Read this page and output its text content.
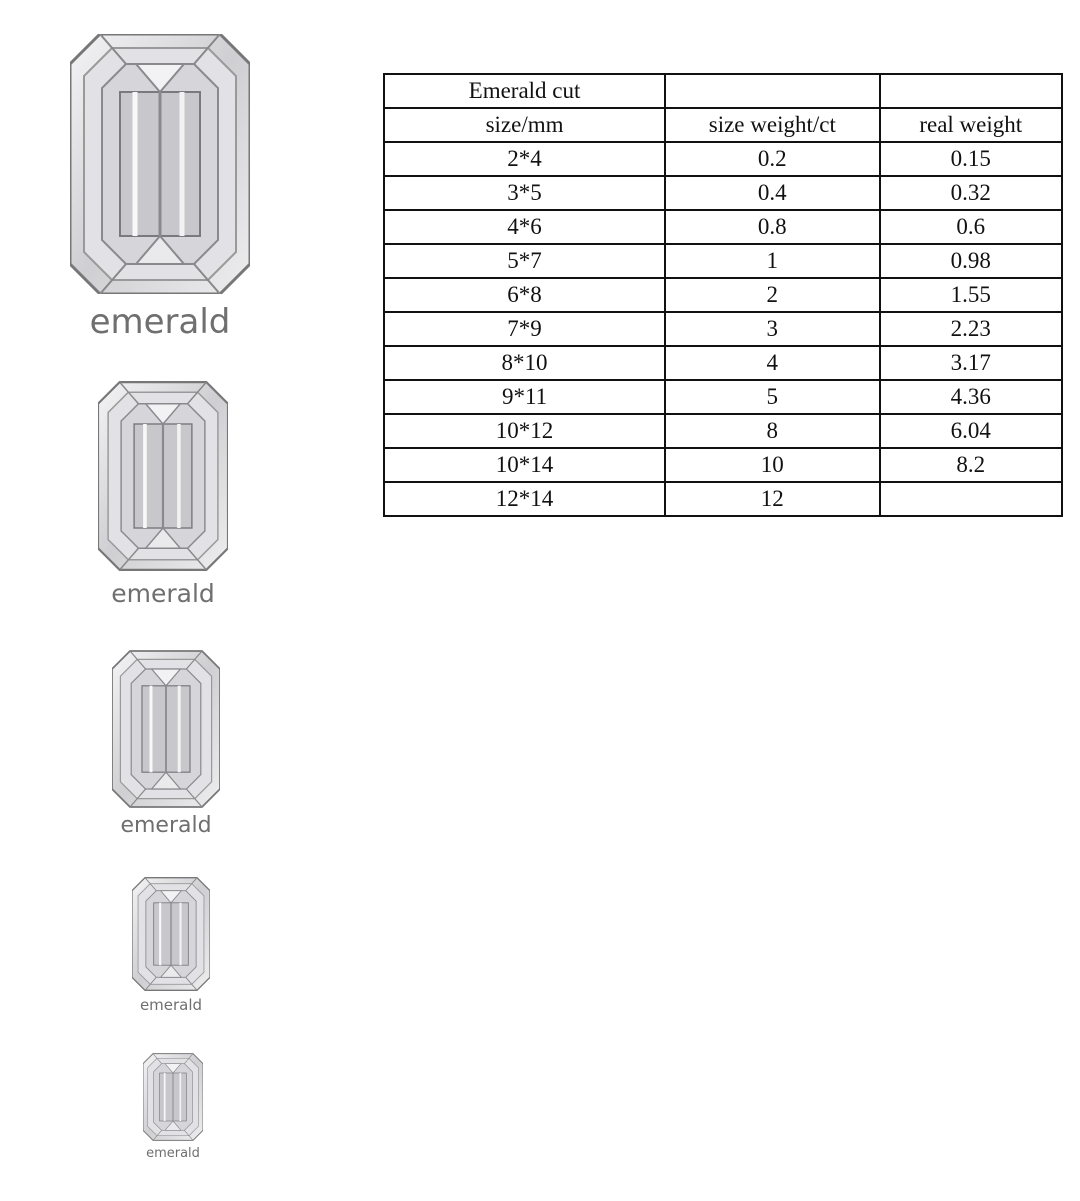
emerald
emerald
emerald
emerald
emerald
Emerald cut		
size/mm	size weight/ct	real weight
2*4	0.2	0.15
3*5	0.4	0.32
4*6	0.8	0.6
5*7	1	0.98
6*8	2	1.55
7*9	3	2.23
8*10	4	3.17
9*11	5	4.36
10*12	8	6.04
10*14	10	8.2
12*14	12	
